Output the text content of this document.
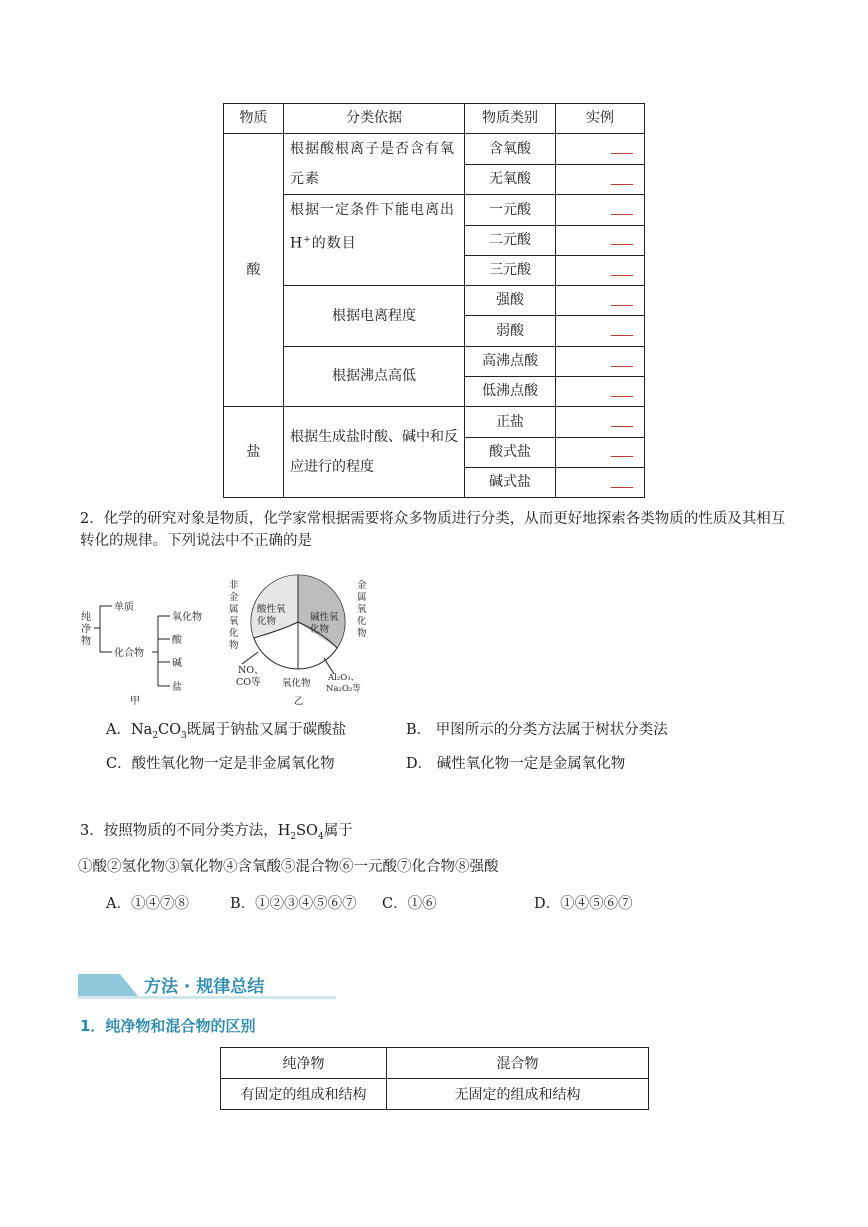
物质	分类依据	物质类别	实例
酸	根据酸根离子是否含有氧元素	含氧酸	
		无氧酸	
	根据一定条件下能电离出 H+的数目	一元酸	
		二元酸	
		三元酸	
	根据电离程度	强酸	
		弱酸	
	根据沸点高低	高沸点酸	
		低沸点酸	
盐	根据生成盐时酸、碱中和反应进行的程度	正盐	
		酸式盐	
		碱式盐	
2．化学的研究对象是物质，化学家常根据需要将众多物质进行分类，从而更好地探索各类物质的性质及其相互转化的规律。下列说法中不正确的是
纯净物
单质
化合物
氧化物
酸
碱
盐
甲
非金属氧化物
金属氧化物
酸性氧化物	碱性氧化物
NO、 CO等	氧化物 Al₂O₃、 Na₂O₂等
乙
A．$Na_2CO_3$既属于钠盐又属于碳酸盐	B． 甲图所示的分类方法属于树状分类法
C．酸性氧化物一定是非金属氧化物	D． 碱性氧化物一定是金属氧化物
3．按照物质的不同分类方法，$H_2SO_4$属于
①酸②氢化物③氧化物④含氧酸⑤混合物⑥一元酸⑦化合物⑧强酸
A．①④⑦⑧	B．①②③④⑤⑥⑦ C．①⑥	D．①④⑤⑥⑦
方法 · 规律总结
1．纯净物和混合物的区别
纯净物	混合物
有固定的组成和结构	无固定的组成和结构
